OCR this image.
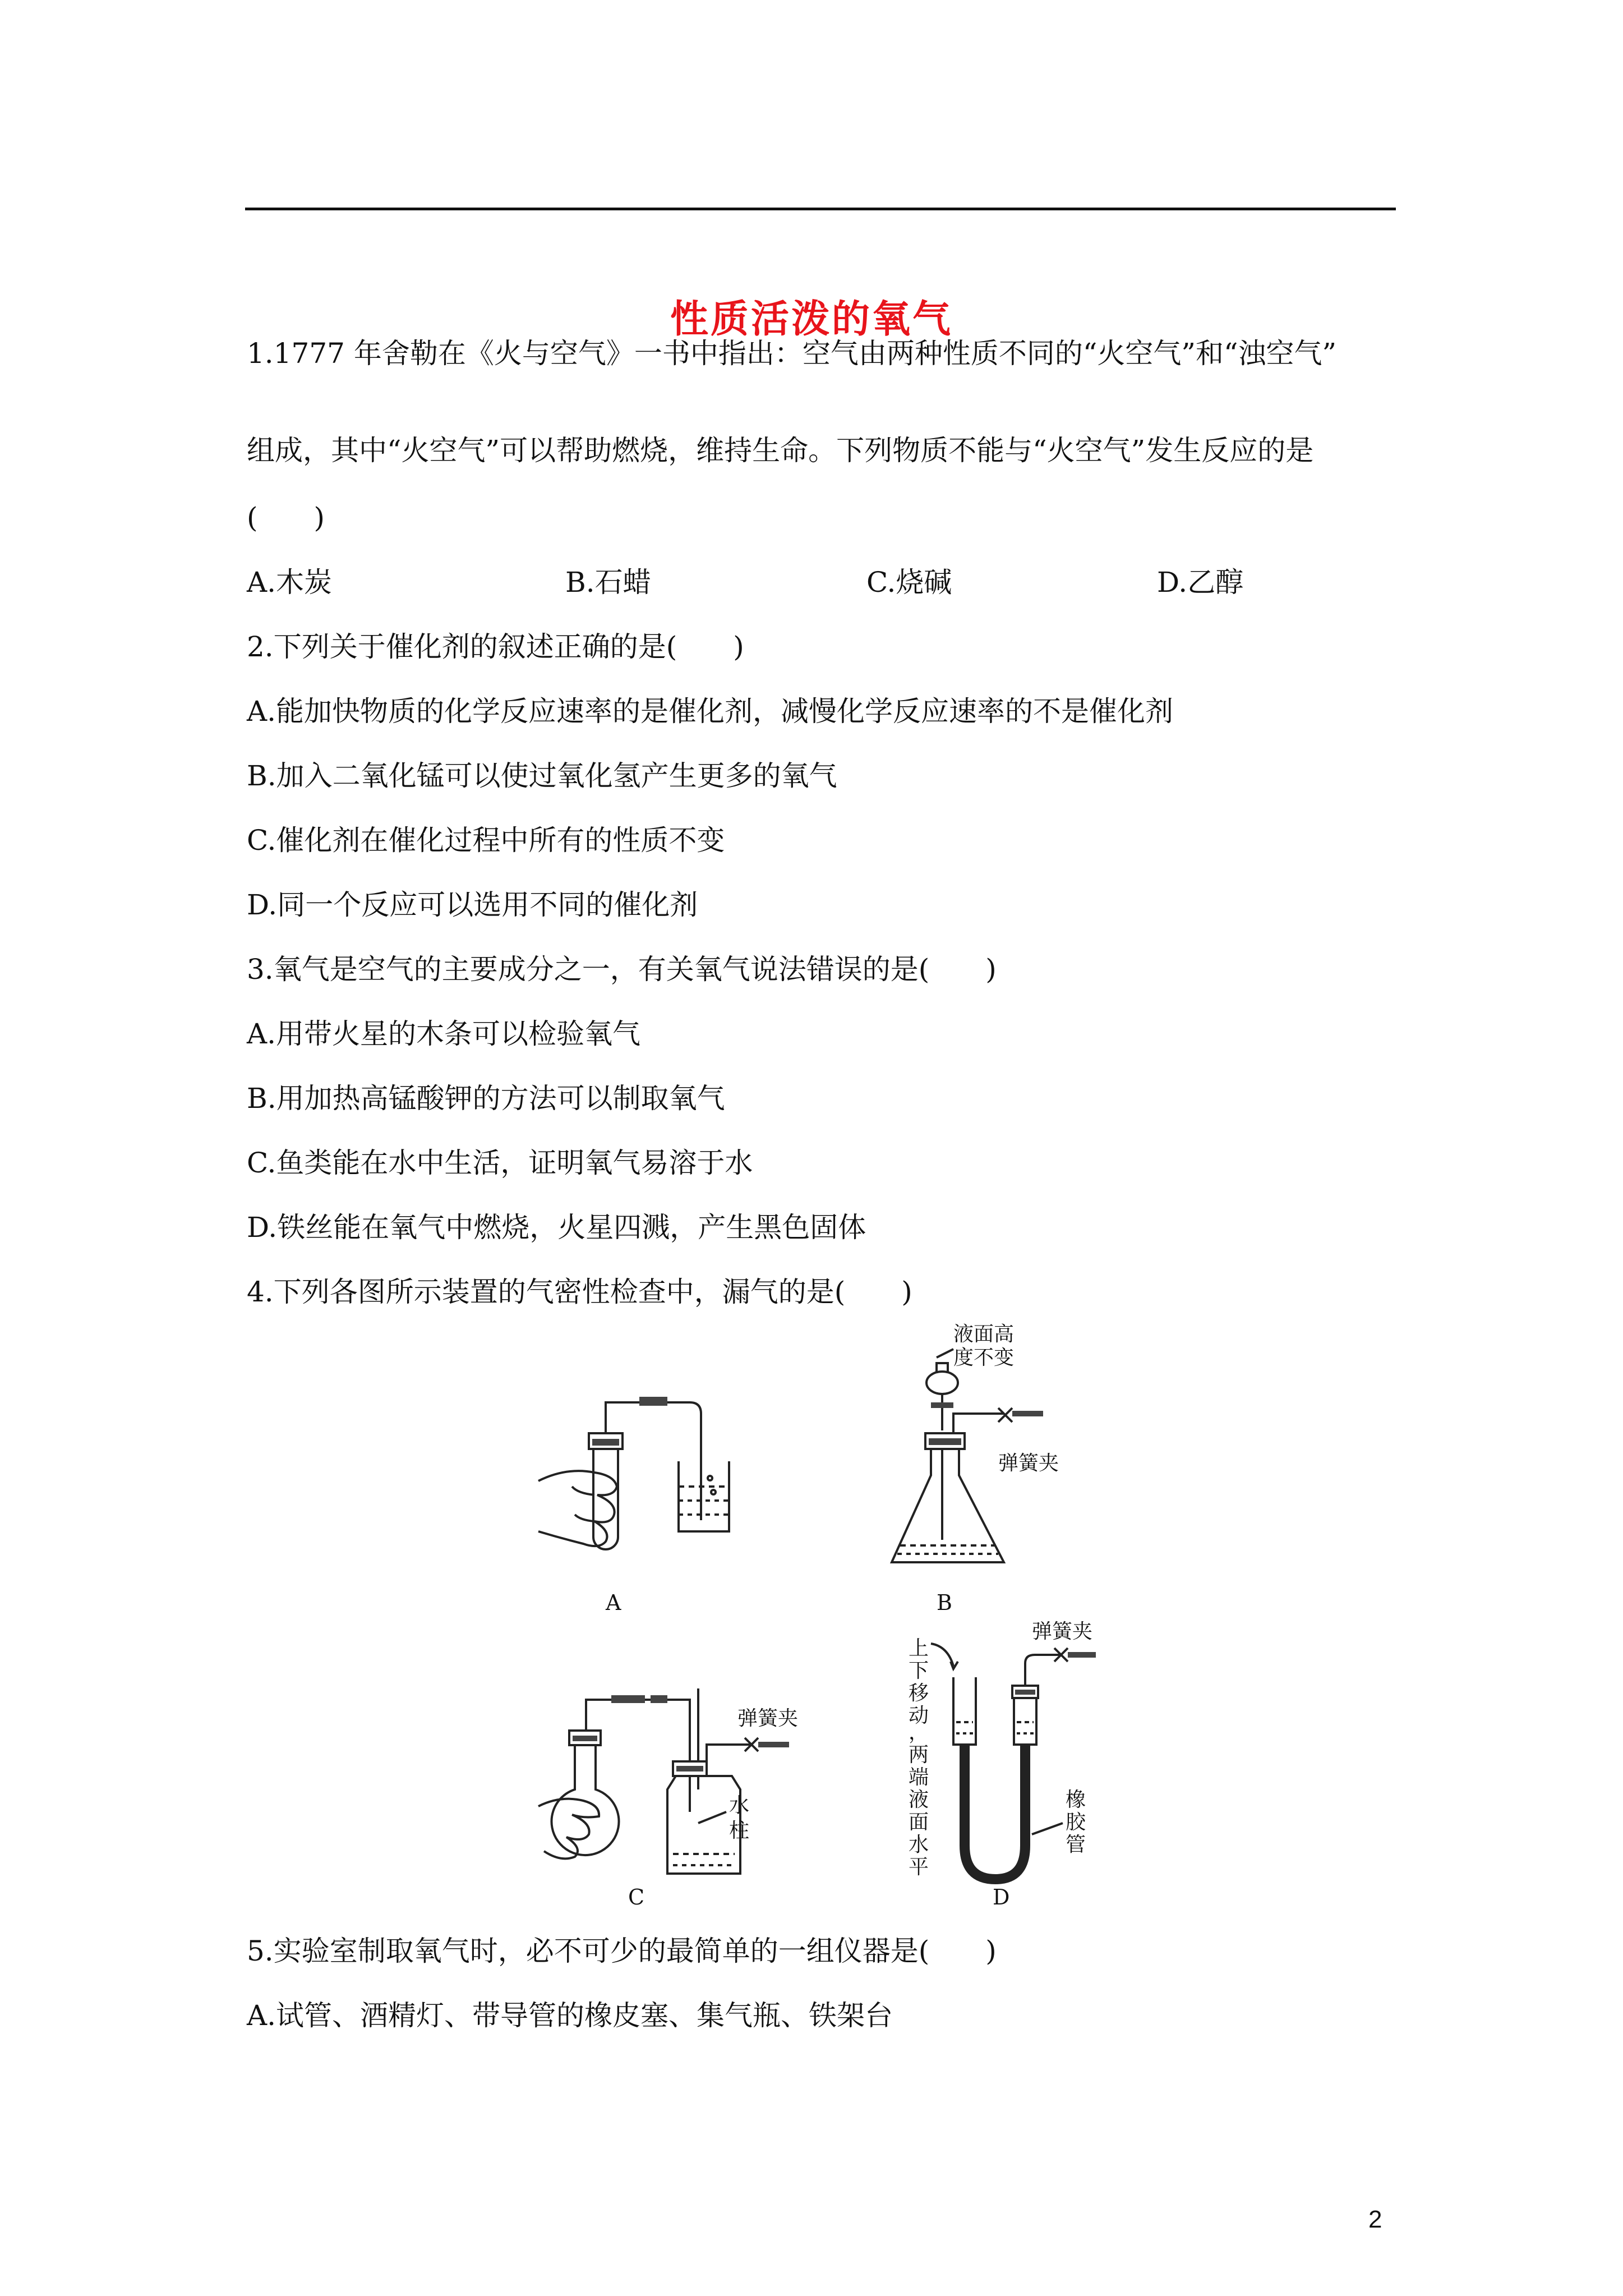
性质活泼的氧气
1.1777 年舍勒在《火与空气》一书中指出：空气由两种性质不同的“火空气”和“浊空气”
组成，其中“火空气”可以帮助燃烧，维持生命。下列物质不能与“火空气”发生反应的是
(　　)
A.木炭	B.石蜡	C.烧碱	D.乙醇
2.下列关于催化剂的叙述正确的是(　　)
A.能加快物质的化学反应速率的是催化剂，减慢化学反应速率的不是催化剂
B.加入二氧化锰可以使过氧化氢产生更多的氧气
C.催化剂在催化过程中所有的性质不变
D.同一个反应可以选用不同的催化剂
3.氧气是空气的主要成分之一，有关氧气说法错误的是(　　)
A.用带火星的木条可以检验氧气
B.用加热高锰酸钾的方法可以制取氧气
C.鱼类能在水中生活，证明氧气易溶于水
D.铁丝能在氧气中燃烧，火星四溅，产生黑色固体
4.下列各图所示装置的气密性检查中，漏气的是(　　)
A
液面高
度不变
弹簧夹
B
弹簧夹
水
柱
C
上
下
移
动
，
两
端
液
面
水
平
弹簧夹
橡
胶
管
D
5.实验室制取氧气时，必不可少的最简单的一组仪器是(　　)
A.试管、酒精灯、带导管的橡皮塞、集气瓶、铁架台
2
